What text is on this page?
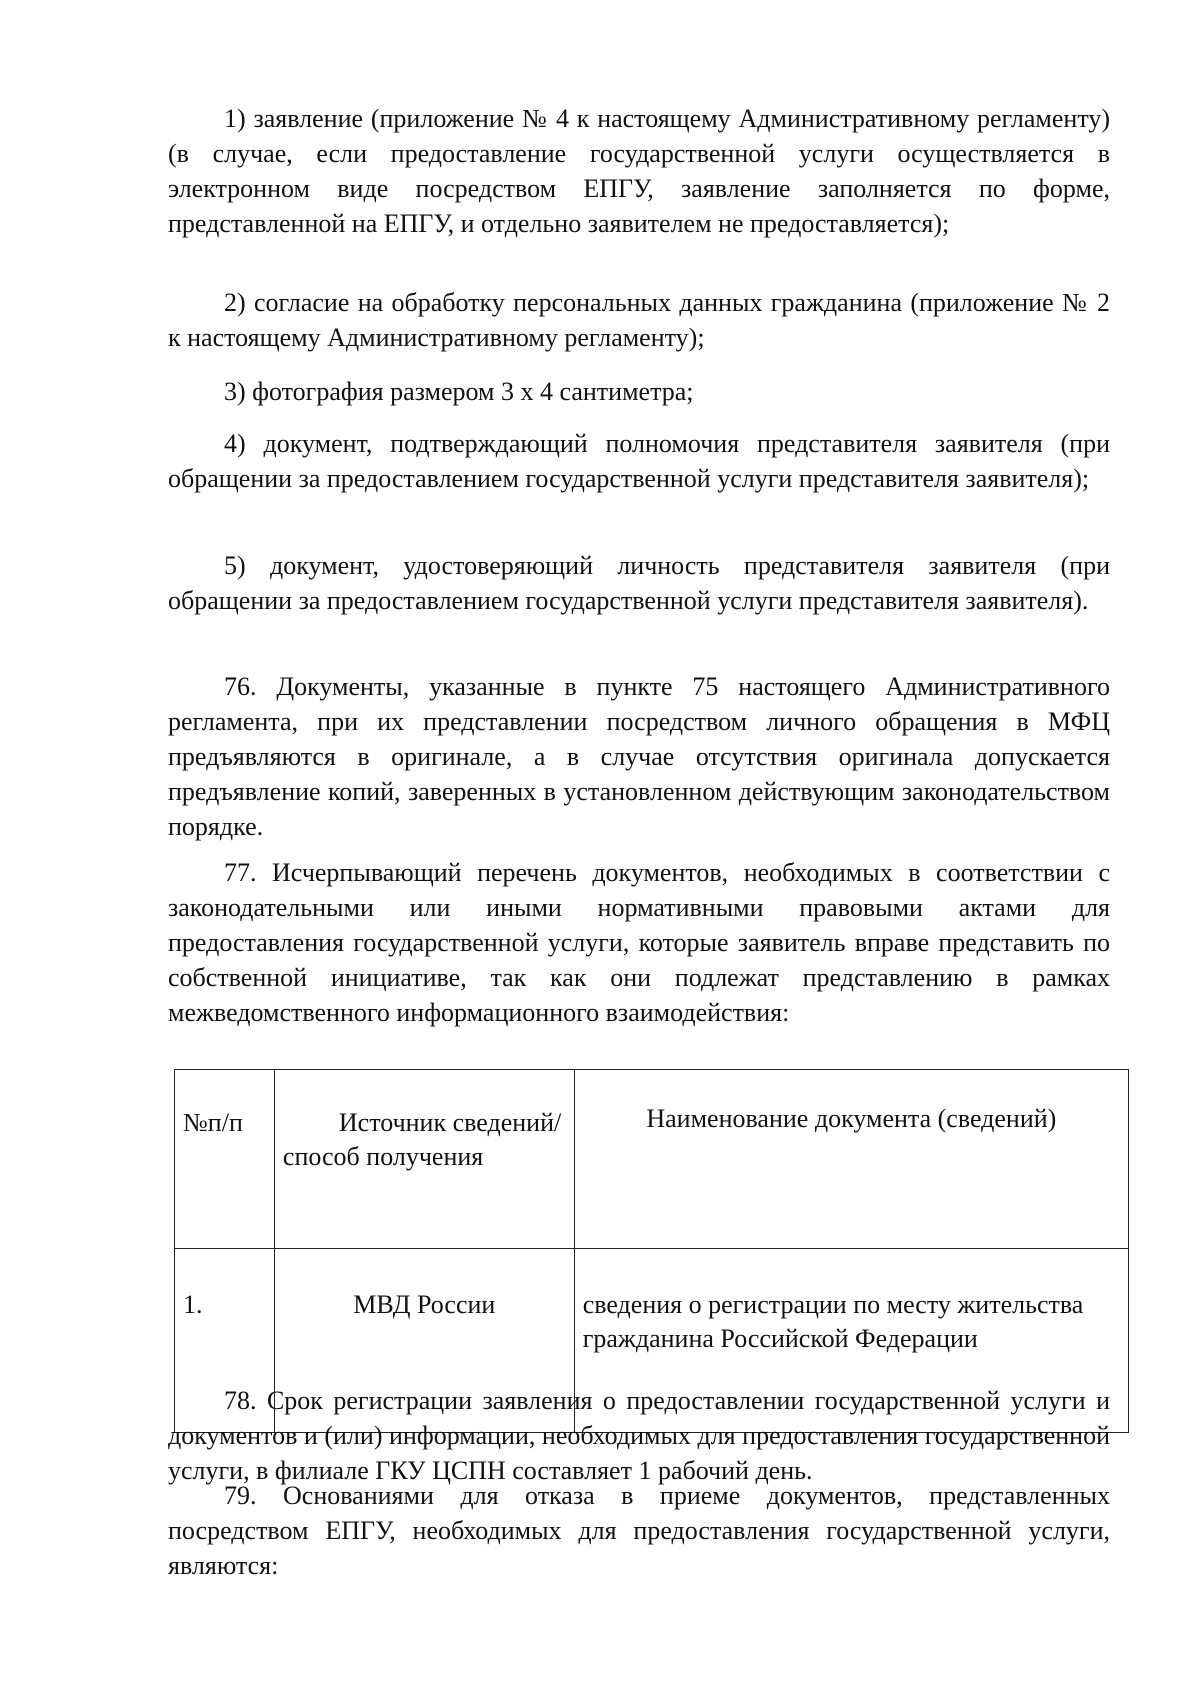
1) заявление (приложение № 4 к настоящему Административному регламенту) (в случае, если предоставление государственной услуги осуществляется в электронном виде посредством ЕПГУ, заявление заполняется по форме, представленной на ЕПГУ, и отдельно заявителем не предоставляется);

2) согласие на обработку персональных данных гражданина (приложение № 2 к настоящему Административному регламенту);

3) фотография размером 3 х 4 сантиметра;

4) документ, подтверждающий полномочия представителя заявителя (при обращении за предоставлением государственной услуги представителя заявителя);

5) документ, удостоверяющий личность представителя заявителя (при обращении за предоставлением государственной услуги представителя заявителя).

76. Документы, указанные в пункте 75 настоящего Административного регламента, при их представлении посредством личного обращения в МФЦ предъявляются в оригинале, а в случае отсутствия оригинала допускается предъявление копий, заверенных в установленном действующим законодательством порядке.

77. Исчерпывающий перечень документов, необходимых в соответствии с законодательными или иными нормативными правовыми актами для предоставления государственной услуги, которые заявитель вправе представить по собственной инициативе, так как они подлежат представлению в рамках межведомственного информационного взаимодействия:

№п/п	Источник сведений/способ получения	Наименование документа (сведений)
1.	МВД России	сведения о регистрации по месту жительства гражданина Российской Федерации

78. Срок регистрации заявления о предоставлении государственной услуги и документов и (или) информации, необходимых для предоставления государственной услуги, в филиале ГКУ ЦСПН составляет 1 рабочий день.

79. Основаниями для отказа в приеме документов, представленных посредством ЕПГУ, необходимых для предоставления государственной услуги, являются:
